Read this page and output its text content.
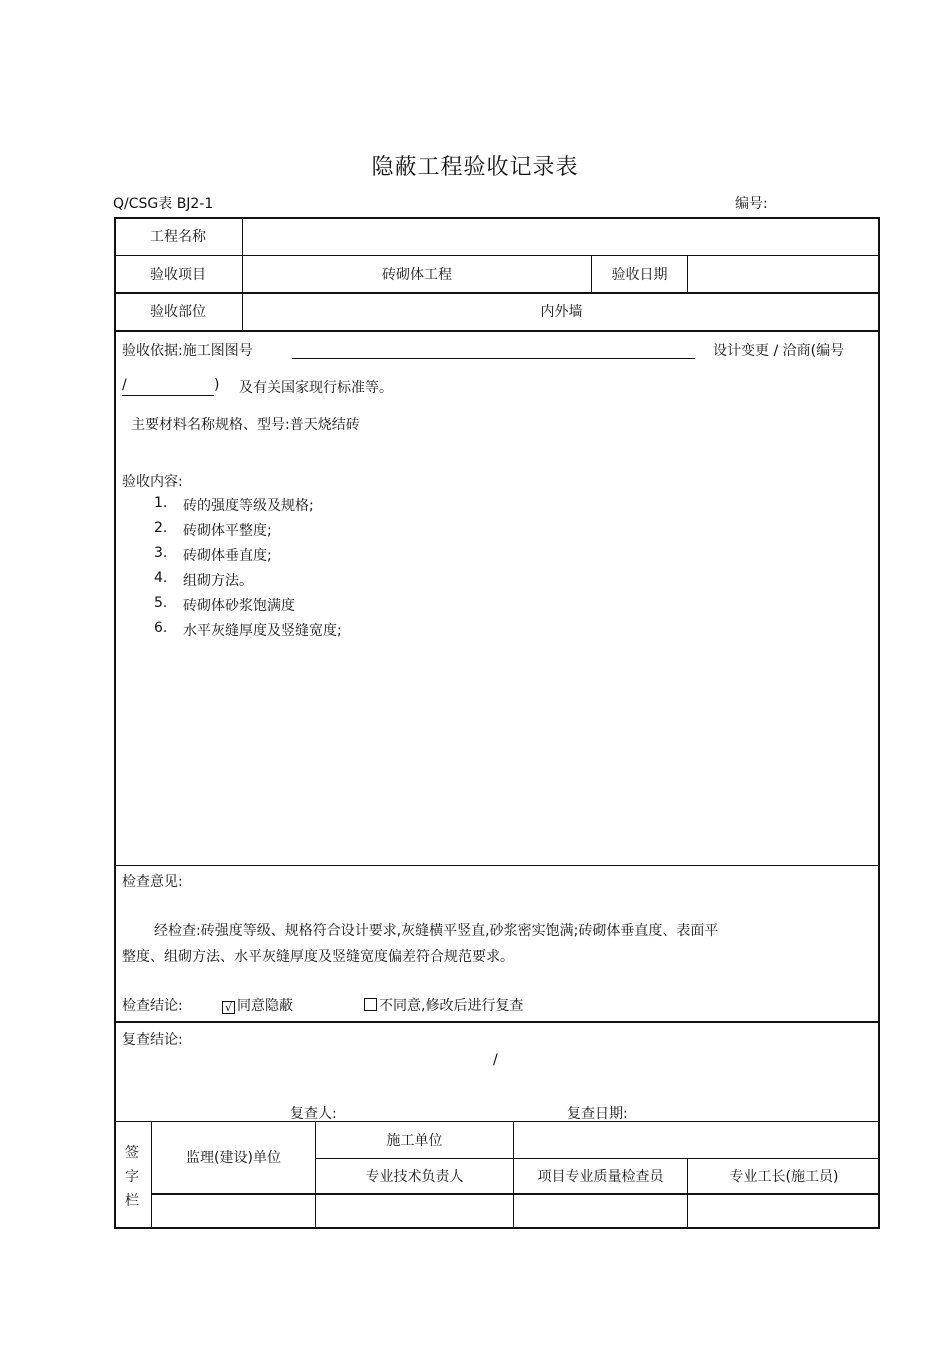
隐蔽工程验收记录表
Q/CSG表 BJ2-1	编号:
工程名称
验收项目	砖砌体工程	验收日期
验收部位	内外墙
验收依据:施工图图号	设计变更 / 洽商(编号
/	) 及有关国家现行标准等。
主要材料名称规格、型号:普天烧结砖
验收内容:
1. 砖的强度等级及规格;
2. 砖砌体平整度;
3. 砖砌体垂直度;
4. 组砌方法。
5. 砖砌体砂浆饱满度
6. 水平灰缝厚度及竖缝宽度;
检查意见:
经检查:砖强度等级、规格符合设计要求,灰缝横平竖直,砂浆密实饱满;砖砌体垂直度、表面平
整度、组砌方法、水平灰缝厚度及竖缝宽度偏差符合规范要求。
检查结论:	√ 同意隐蔽	不同意,修改后进行复查
复查结论:
/
复查人:	复查日期:
签
字
栏
监理(建设)单位
施工单位
专业技术负责人	项目专业质量检查员	专业工长(施工员)
